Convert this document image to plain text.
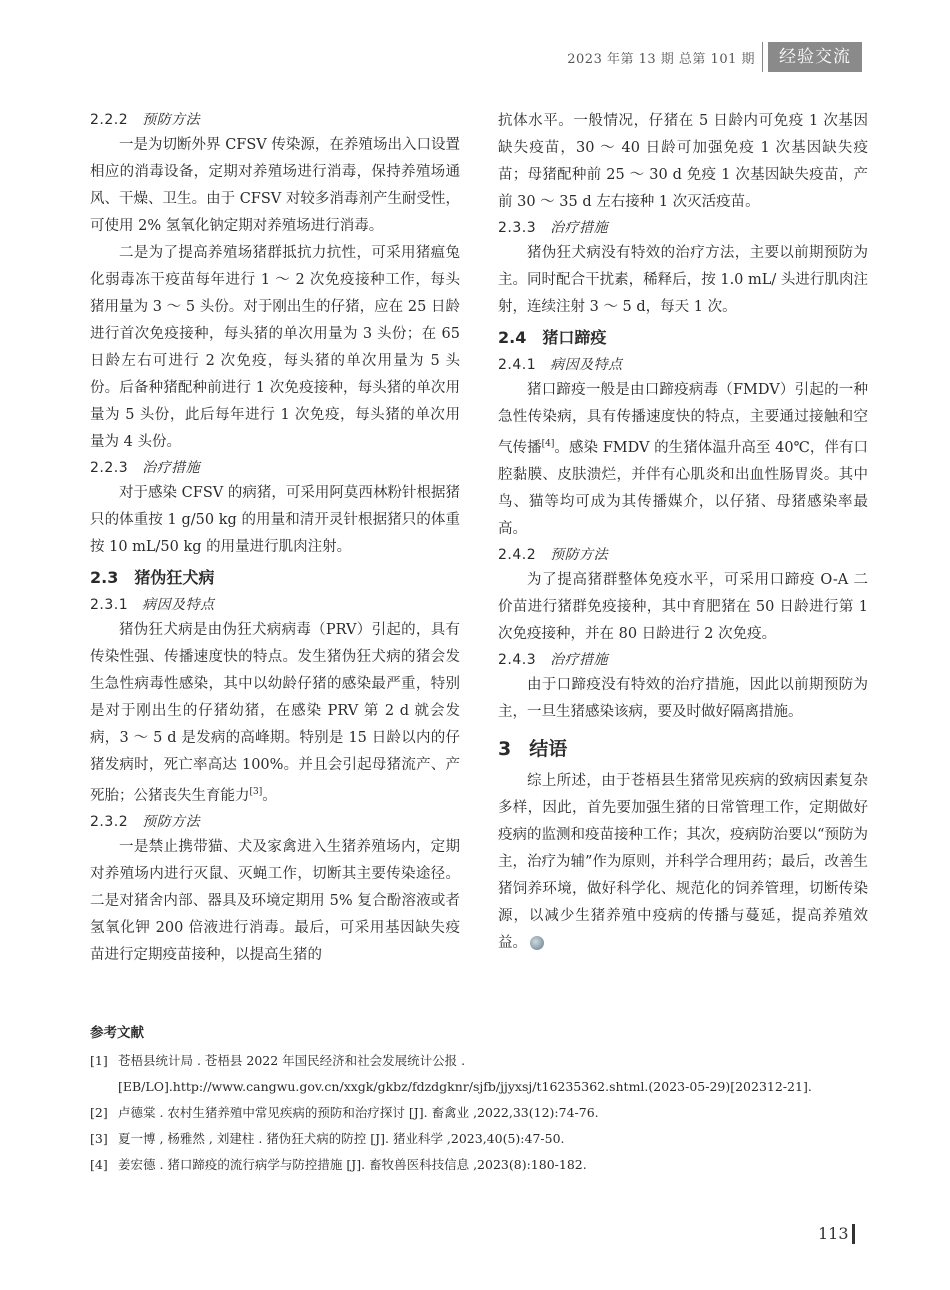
2023 年第 13 期 总第 101 期	经验交流
2.2.2 预防方法

一是为切断外界 CFSV 传染源，在养殖场出入口设置相应的消毒设备，定期对养殖场进行消毒，保持养殖场通风、干燥、卫生。由于 CFSV 对较多消毒剂产生耐受性，可使用 2% 氢氧化钠定期对养殖场进行消毒。

二是为了提高养殖场猪群抵抗力抗性，可采用猪瘟兔化弱毒冻干疫苗每年进行 1 ～ 2 次免疫接种工作，每头猪用量为 3 ～ 5 头份。对于刚出生的仔猪，应在 25 日龄进行首次免疫接种，每头猪的单次用量为 3 头份；在 65 日龄左右可进行 2 次免疫，每头猪的单次用量为 5 头份。后备种猪配种前进行 1 次免疫接种，每头猪的单次用量为 5 头份，此后每年进行 1 次免疫，每头猪的单次用量为 4 头份。

2.2.3 治疗措施

对于感染 CFSV 的病猪，可采用阿莫西林粉针根据猪只的体重按 1 g/50 kg 的用量和清开灵针根据猪只的体重按 10 mL/50 kg 的用量进行肌肉注射。

2.3 猪伪狂犬病
2.3.1 病因及特点

猪伪狂犬病是由伪狂犬病病毒（PRV）引起的，具有传染性强、传播速度快的特点。发生猪伪狂犬病的猪会发生急性病毒性感染，其中以幼龄仔猪的感染最严重，特别是对于刚出生的仔猪幼猪，在感染 PRV 第 2 d 就会发病，3 ～ 5 d 是发病的高峰期。特别是 15 日龄以内的仔猪发病时，死亡率高达 100%。并且会引起母猪流产、产死胎；公猪丧失生育能力[3]。

2.3.2 预防方法

一是禁止携带猫、犬及家禽进入生猪养殖场内，定期对养殖场内进行灭鼠、灭蝇工作，切断其主要传染途径。二是对猪舍内部、器具及环境定期用 5% 复合酚溶液或者氢氧化钾 200 倍液进行消毒。最后，可采用基因缺失疫苗进行定期疫苗接种，以提高生猪的

抗体水平。一般情况，仔猪在 5 日龄内可免疫 1 次基因缺失疫苗，30 ～ 40 日龄可加强免疫 1 次基因缺失疫苗；母猪配种前 25 ～ 30 d 免疫 1 次基因缺失疫苗，产前 30 ～ 35 d 左右接种 1 次灭活疫苗。

2.3.3 治疗措施

猪伪狂犬病没有特效的治疗方法，主要以前期预防为主。同时配合干扰素，稀释后，按 1.0 mL/ 头进行肌肉注射，连续注射 3 ～ 5 d，每天 1 次。

2.4 猪口蹄疫
2.4.1 病因及特点

猪口蹄疫一般是由口蹄疫病毒（FMDV）引起的一种急性传染病，具有传播速度快的特点，主要通过接触和空气传播[4]。感染 FMDV 的生猪体温升高至 40℃，伴有口腔黏膜、皮肤溃烂，并伴有心肌炎和出血性肠胃炎。其中鸟、猫等均可成为其传播媒介，以仔猪、母猪感染率最高。

2.4.2 预防方法

为了提高猪群整体免疫水平，可采用口蹄疫 O-A 二价苗进行猪群免疫接种，其中育肥猪在 50 日龄进行第 1 次免疫接种，并在 80 日龄进行 2 次免疫。

2.4.3 治疗措施

由于口蹄疫没有特效的治疗措施，因此以前期预防为主，一旦生猪感染该病，要及时做好隔离措施。

3 结语

综上所述，由于苍梧县生猪常见疾病的致病因素复杂多样，因此，首先要加强生猪的日常管理工作，定期做好疫病的监测和疫苗接种工作；其次，疫病防治要以“预防为主，治疗为辅”作为原则，并科学合理用药；最后，改善生猪饲养环境，做好科学化、规范化的饲养管理，切断传染源，以减少生猪养殖中疫病的传播与蔓延，提高养殖效益。

参考文献
[1] 苍梧县统计局 . 苍梧县 2022 年国民经济和社会发展统计公报 .[EB/LO].http://www.cangwu.gov.cn/xxgk/gkbz/fdzdgknr/sjfb/jjyxsj/t16235362.shtml.(2023-05-29)[202312-21].
[2] 卢德棠 . 农村生猪养殖中常见疾病的预防和治疗探讨 [J]. 畜禽业 ,2022,33(12):74-76.
[3] 夏一博 , 杨雅然 , 刘建柱 . 猪伪狂犬病的防控 [J]. 猪业科学 ,2023,40(5):47-50.
[4] 姜宏德 . 猪口蹄疫的流行病学与防控措施 [J]. 畜牧兽医科技信息 ,2023(8):180-182.
113
